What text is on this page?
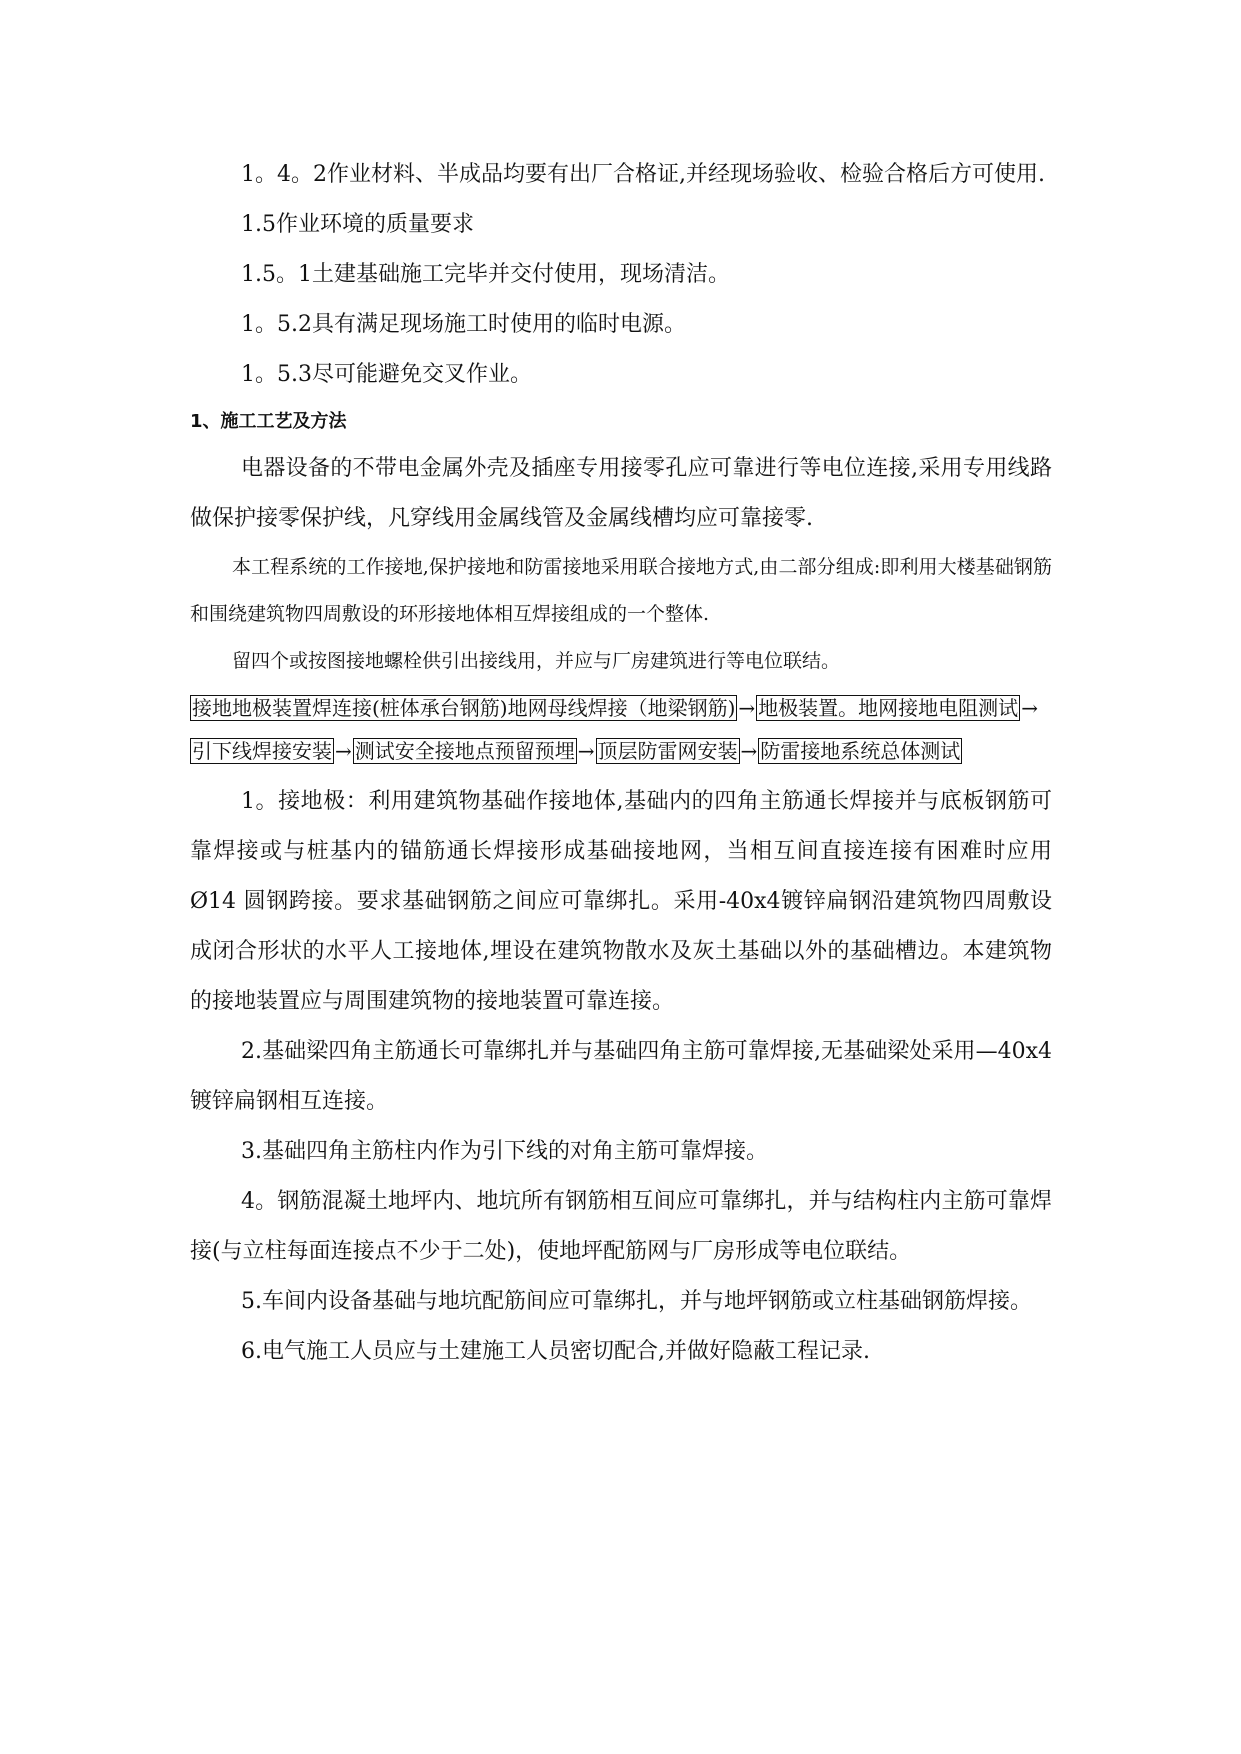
1。4。2作业材料、半成品均要有出厂合格证,并经现场验收、检验合格后方可使用.

1.5作业环境的质量要求

1.5。1土建基础施工完毕并交付使用，现场清洁。

1。5.2具有满足现场施工时使用的临时电源。

1。5.3尽可能避免交叉作业。

1、施工工艺及方法

电器设备的不带电金属外壳及插座专用接零孔应可靠进行等电位连接,采用专用线路做保护接零保护线，凡穿线用金属线管及金属线槽均应可靠接零.

本工程系统的工作接地,保护接地和防雷接地采用联合接地方式,由二部分组成:即利用大楼基础钢筋和围绕建筑物四周敷设的环形接地体相互焊接组成的一个整体.

留四个或按图接地螺栓供引出接线用，并应与厂房建筑进行等电位联结。

接地地极装置焊连接(桩体承台钢筋)地网母线焊接（地梁钢筋) → 地极装置。地网接地电阻测试 →引下线焊接安装 → 测试安全接地点预留预埋 → 顶层防雷网安装 → 防雷接地系统总体测试

1。接地极：利用建筑物基础作接地体,基础内的四角主筋通长焊接并与底板钢筋可靠焊接或与桩基内的锚筋通长焊接形成基础接地网，当相互间直接连接有困难时应用 Ø14 圆钢跨接。要求基础钢筋之间应可靠绑扎。采用-40x4镀锌扁钢沿建筑物四周敷设成闭合形状的水平人工接地体,埋设在建筑物散水及灰土基础以外的基础槽边。本建筑物的接地装置应与周围建筑物的接地装置可靠连接。

2.基础梁四角主筋通长可靠绑扎并与基础四角主筋可靠焊接,无基础梁处采用—40x4镀锌扁钢相互连接。

3.基础四角主筋柱内作为引下线的对角主筋可靠焊接。

4。钢筋混凝土地坪内、地坑所有钢筋相互间应可靠绑扎，并与结构柱内主筋可靠焊接(与立柱每面连接点不少于二处)，使地坪配筋网与厂房形成等电位联结。

5.车间内设备基础与地坑配筋间应可靠绑扎，并与地坪钢筋或立柱基础钢筋焊接。

6.电气施工人员应与土建施工人员密切配合,并做好隐蔽工程记录.
